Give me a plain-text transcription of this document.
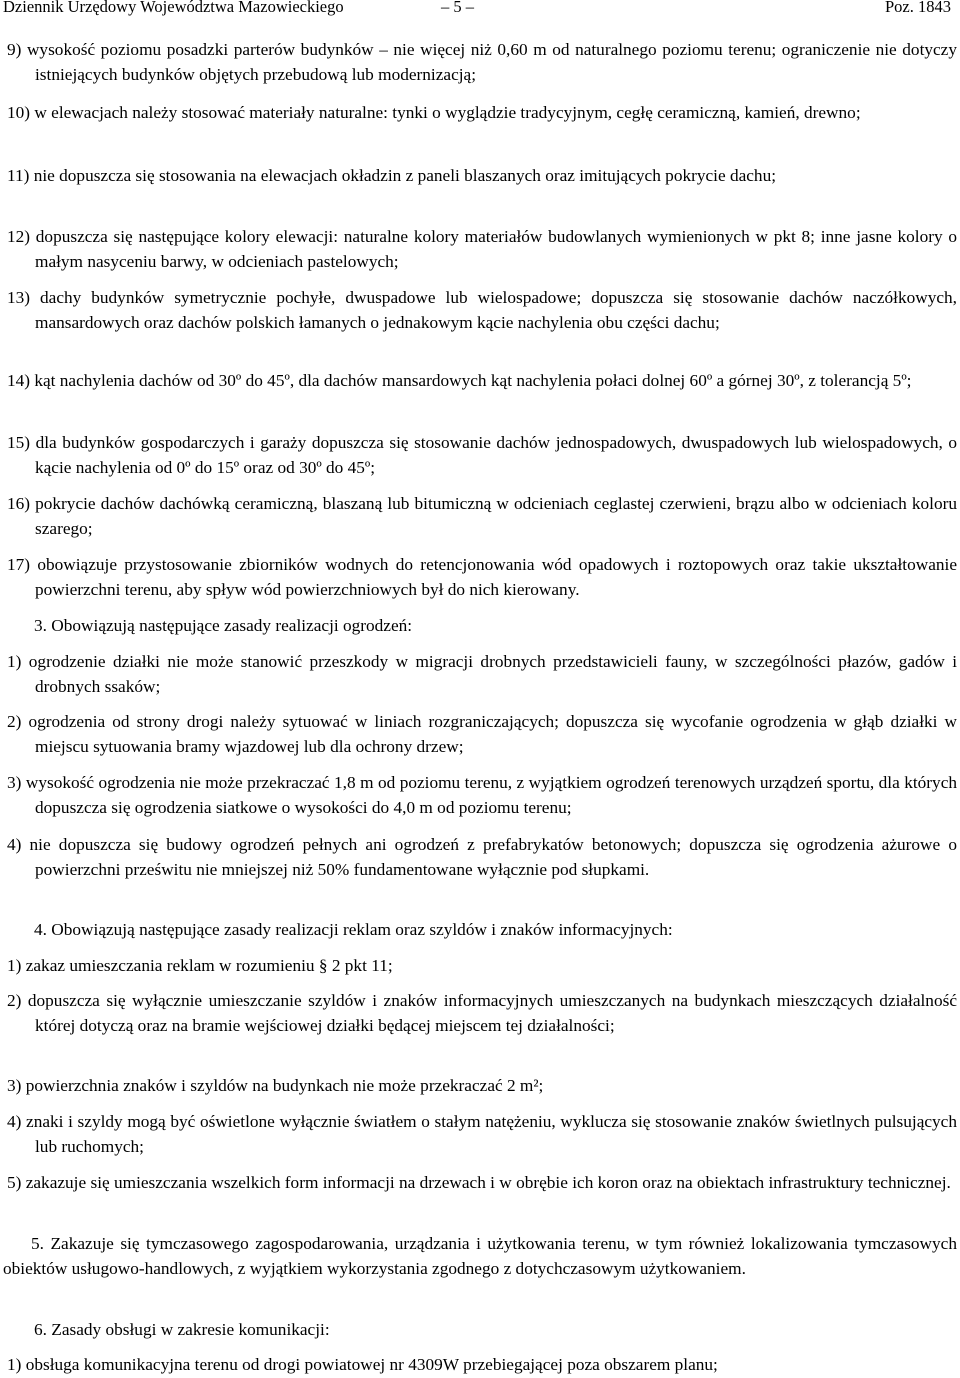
Dziennik Urzędowy Województwa Mazowieckiego	– 5 –	Poz. 1843
9) wysokość poziomu posadzki parterów budynków – nie więcej niż 0,60 m od naturalnego poziomu terenu; ograniczenie nie dotyczy istniejących budynków objętych przebudową lub modernizacją;
10) w elewacjach należy stosować materiały naturalne: tynki o wyglądzie tradycyjnym, cegłę ceramiczną, kamień, drewno;
11) nie dopuszcza się stosowania na elewacjach okładzin z paneli blaszanych oraz imitujących pokrycie dachu;
12) dopuszcza się następujące kolory elewacji: naturalne kolory materiałów budowlanych wymienionych w pkt 8; inne jasne kolory o małym nasyceniu barwy, w odcieniach pastelowych;
13) dachy budynków symetrycznie pochyłe, dwuspadowe lub wielospadowe; dopuszcza się stosowanie dachów naczółkowych, mansardowych oraz dachów polskich łamanych o jednakowym kącie nachylenia obu części dachu;
14) kąt nachylenia dachów od 30º do 45º, dla dachów mansardowych kąt nachylenia połaci dolnej 60º a górnej 30º, z tolerancją 5º;
15) dla budynków gospodarczych i garaży dopuszcza się stosowanie dachów jednospadowych, dwuspadowych lub wielospadowych, o kącie nachylenia od 0º do 15º oraz od 30º do 45º;
16) pokrycie dachów dachówką ceramiczną, blaszaną lub bitumiczną w odcieniach ceglastej czerwieni, brązu albo w odcieniach koloru szarego;
17) obowiązuje przystosowanie zbiorników wodnych do retencjonowania wód opadowych i roztopowych oraz takie ukształtowanie powierzchni terenu, aby spływ wód powierzchniowych był do nich kierowany.
3. Obowiązują następujące zasady realizacji ogrodzeń:
1) ogrodzenie działki nie może stanowić przeszkody w migracji drobnych przedstawicieli fauny, w szczególności płazów, gadów i drobnych ssaków;
2) ogrodzenia od strony drogi należy sytuować w liniach rozgraniczających; dopuszcza się wycofanie ogrodzenia w głąb działki w miejscu sytuowania bramy wjazdowej lub dla ochrony drzew;
3) wysokość ogrodzenia nie może przekraczać 1,8 m od poziomu terenu, z wyjątkiem ogrodzeń terenowych urządzeń sportu, dla których dopuszcza się ogrodzenia siatkowe o wysokości do 4,0 m od poziomu terenu;
4) nie dopuszcza się budowy ogrodzeń pełnych ani ogrodzeń z prefabrykatów betonowych; dopuszcza się ogrodzenia ażurowe o powierzchni prześwitu nie mniejszej niż 50% fundamentowane wyłącznie pod słupkami.
4. Obowiązują następujące zasady realizacji reklam oraz szyldów i znaków informacyjnych:
1) zakaz umieszczania reklam w rozumieniu § 2 pkt 11;
2) dopuszcza się wyłącznie umieszczanie szyldów i znaków informacyjnych umieszczanych na budynkach mieszczących działalność której dotyczą oraz na bramie wejściowej działki będącej miejscem tej działalności;
3) powierzchnia znaków i szyldów na budynkach nie może przekraczać 2 m²;
4) znaki i szyldy mogą być oświetlone wyłącznie światłem o stałym natężeniu, wyklucza się stosowanie znaków świetlnych pulsujących lub ruchomych;
5) zakazuje się umieszczania wszelkich form informacji na drzewach i w obrębie ich koron oraz na obiektach infrastruktury technicznej.
5. Zakazuje się tymczasowego zagospodarowania, urządzania i użytkowania terenu, w tym również lokalizowania tymczasowych obiektów usługowo-handlowych, z wyjątkiem wykorzystania zgodnego z dotychczasowym użytkowaniem.
6. Zasady obsługi w zakresie komunikacji:
1) obsługa komunikacyjna terenu od drogi powiatowej nr 4309W przebiegającej poza obszarem planu;
